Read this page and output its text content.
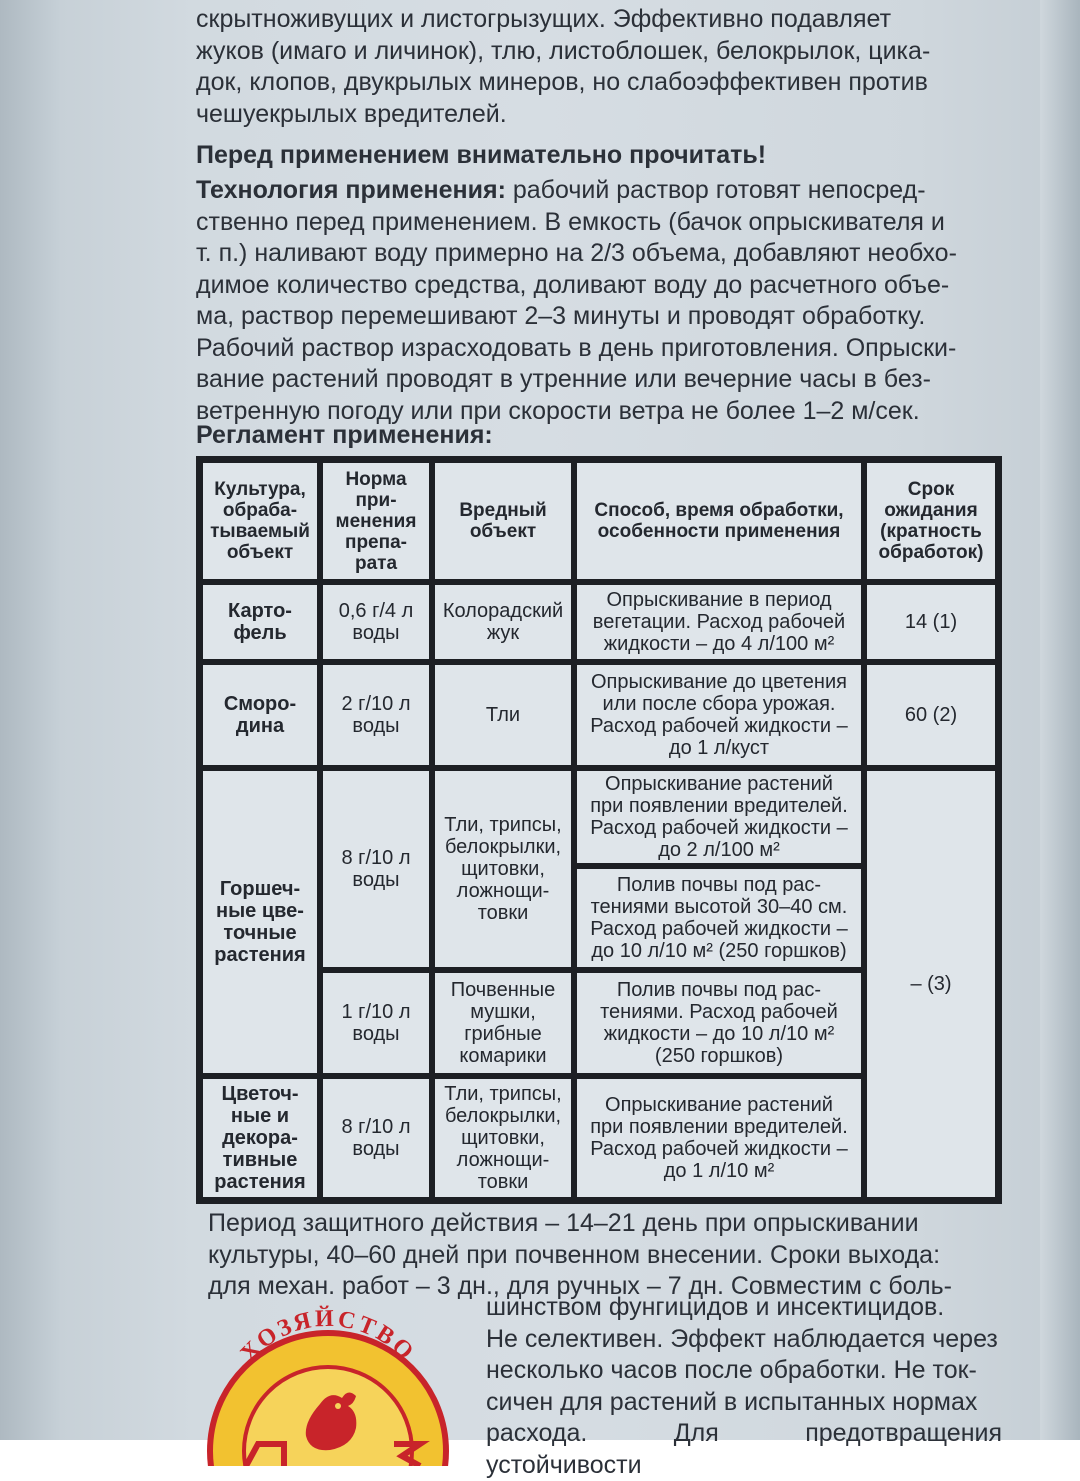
скрытноживущих и листогрызущих. Эффективно подавляет
жуков (имаго и личинок), тлю, листоблошек, белокрылок, цика-
док, клопов, двукрылых минеров, но слабоэффективен против
чешуекрылых вредителей.
Перед применением внимательно прочитать!
Технология применения: рабочий раствор готовят непосред-
ственно перед применением. В емкость (бачок опрыскивателя и
т. п.) наливают воду примерно на 2/3 объема, добавляют необхо-
димое количество средства, доливают воду до расчетного объе-
ма, раствор перемешивают 2–3 минуты и проводят обработку.
Рабочий раствор израсходовать в день приготовления. Опрыски-
вание растений проводят в утренние или вечерние часы в без-
ветренную погоду или при скорости ветра не более 1–2 м/сек.
Регламент применения:
Культура,
обраба-
тываемый
объект
Норма
при-
менения
препа-
рата
Вредный
объект
Способ, время обработки,
особенности применения
Срок
ожидания
(кратность
обработок)
Карто-
фель
0,6 г/4 л
воды
Колорадский
жук
Опрыскивание в период
вегетации. Расход рабочей
жидкости – до 4 л/100 м²
14 (1)
Сморо-
дина
2 г/10 л
воды	Тли
Опрыскивание до цветения
или после сбора урожая.
Расход рабочей жидкости –
до 1 л/куст
60 (2)
Горшеч-
ные цве-
точные
растения
8 г/10 л
воды
Тли, трипсы,
белокрылки,
щитовки,
ложнощи-
товки
Опрыскивание растений
при появлении вредителей.
Расход рабочей жидкости –
до 2 л/100 м²
Полив почвы под рас-
тениями высотой 30–40 см.
Расход рабочей жидкости –
до 10 л/10 м² (250 горшков)
1 г/10 л
воды
Почвенные
мушки,
грибные
комарики
Полив почвы под рас-
тениями. Расход рабочей
жидкости – до 10 л/10 м²
(250 горшков)
– (3)
Цветоч-
ные и
декора-
тивные
растения
8 г/10 л
воды
Тли, трипсы,
белокрылки,
щитовки,
ложнощи-
товки
Опрыскивание растений
при появлении вредителей.
Расход рабочей жидкости –
до 1 л/10 м²
Период защитного действия – 14–21 день при опрыскивании
культуры, 40–60 дней при почвенном внесении. Сроки выхода:
для механ. работ – 3 дн., для ручных – 7 дн. Совместим с боль-
шинством фунгицидов и инсектицидов.
Не селективен. Эффект наблюдается через
несколько часов после обработки. Не ток-
сичен для растений в испытанных нормах
расхода. Для предотвращения устойчивости
ХОЗЯЙСТВО
